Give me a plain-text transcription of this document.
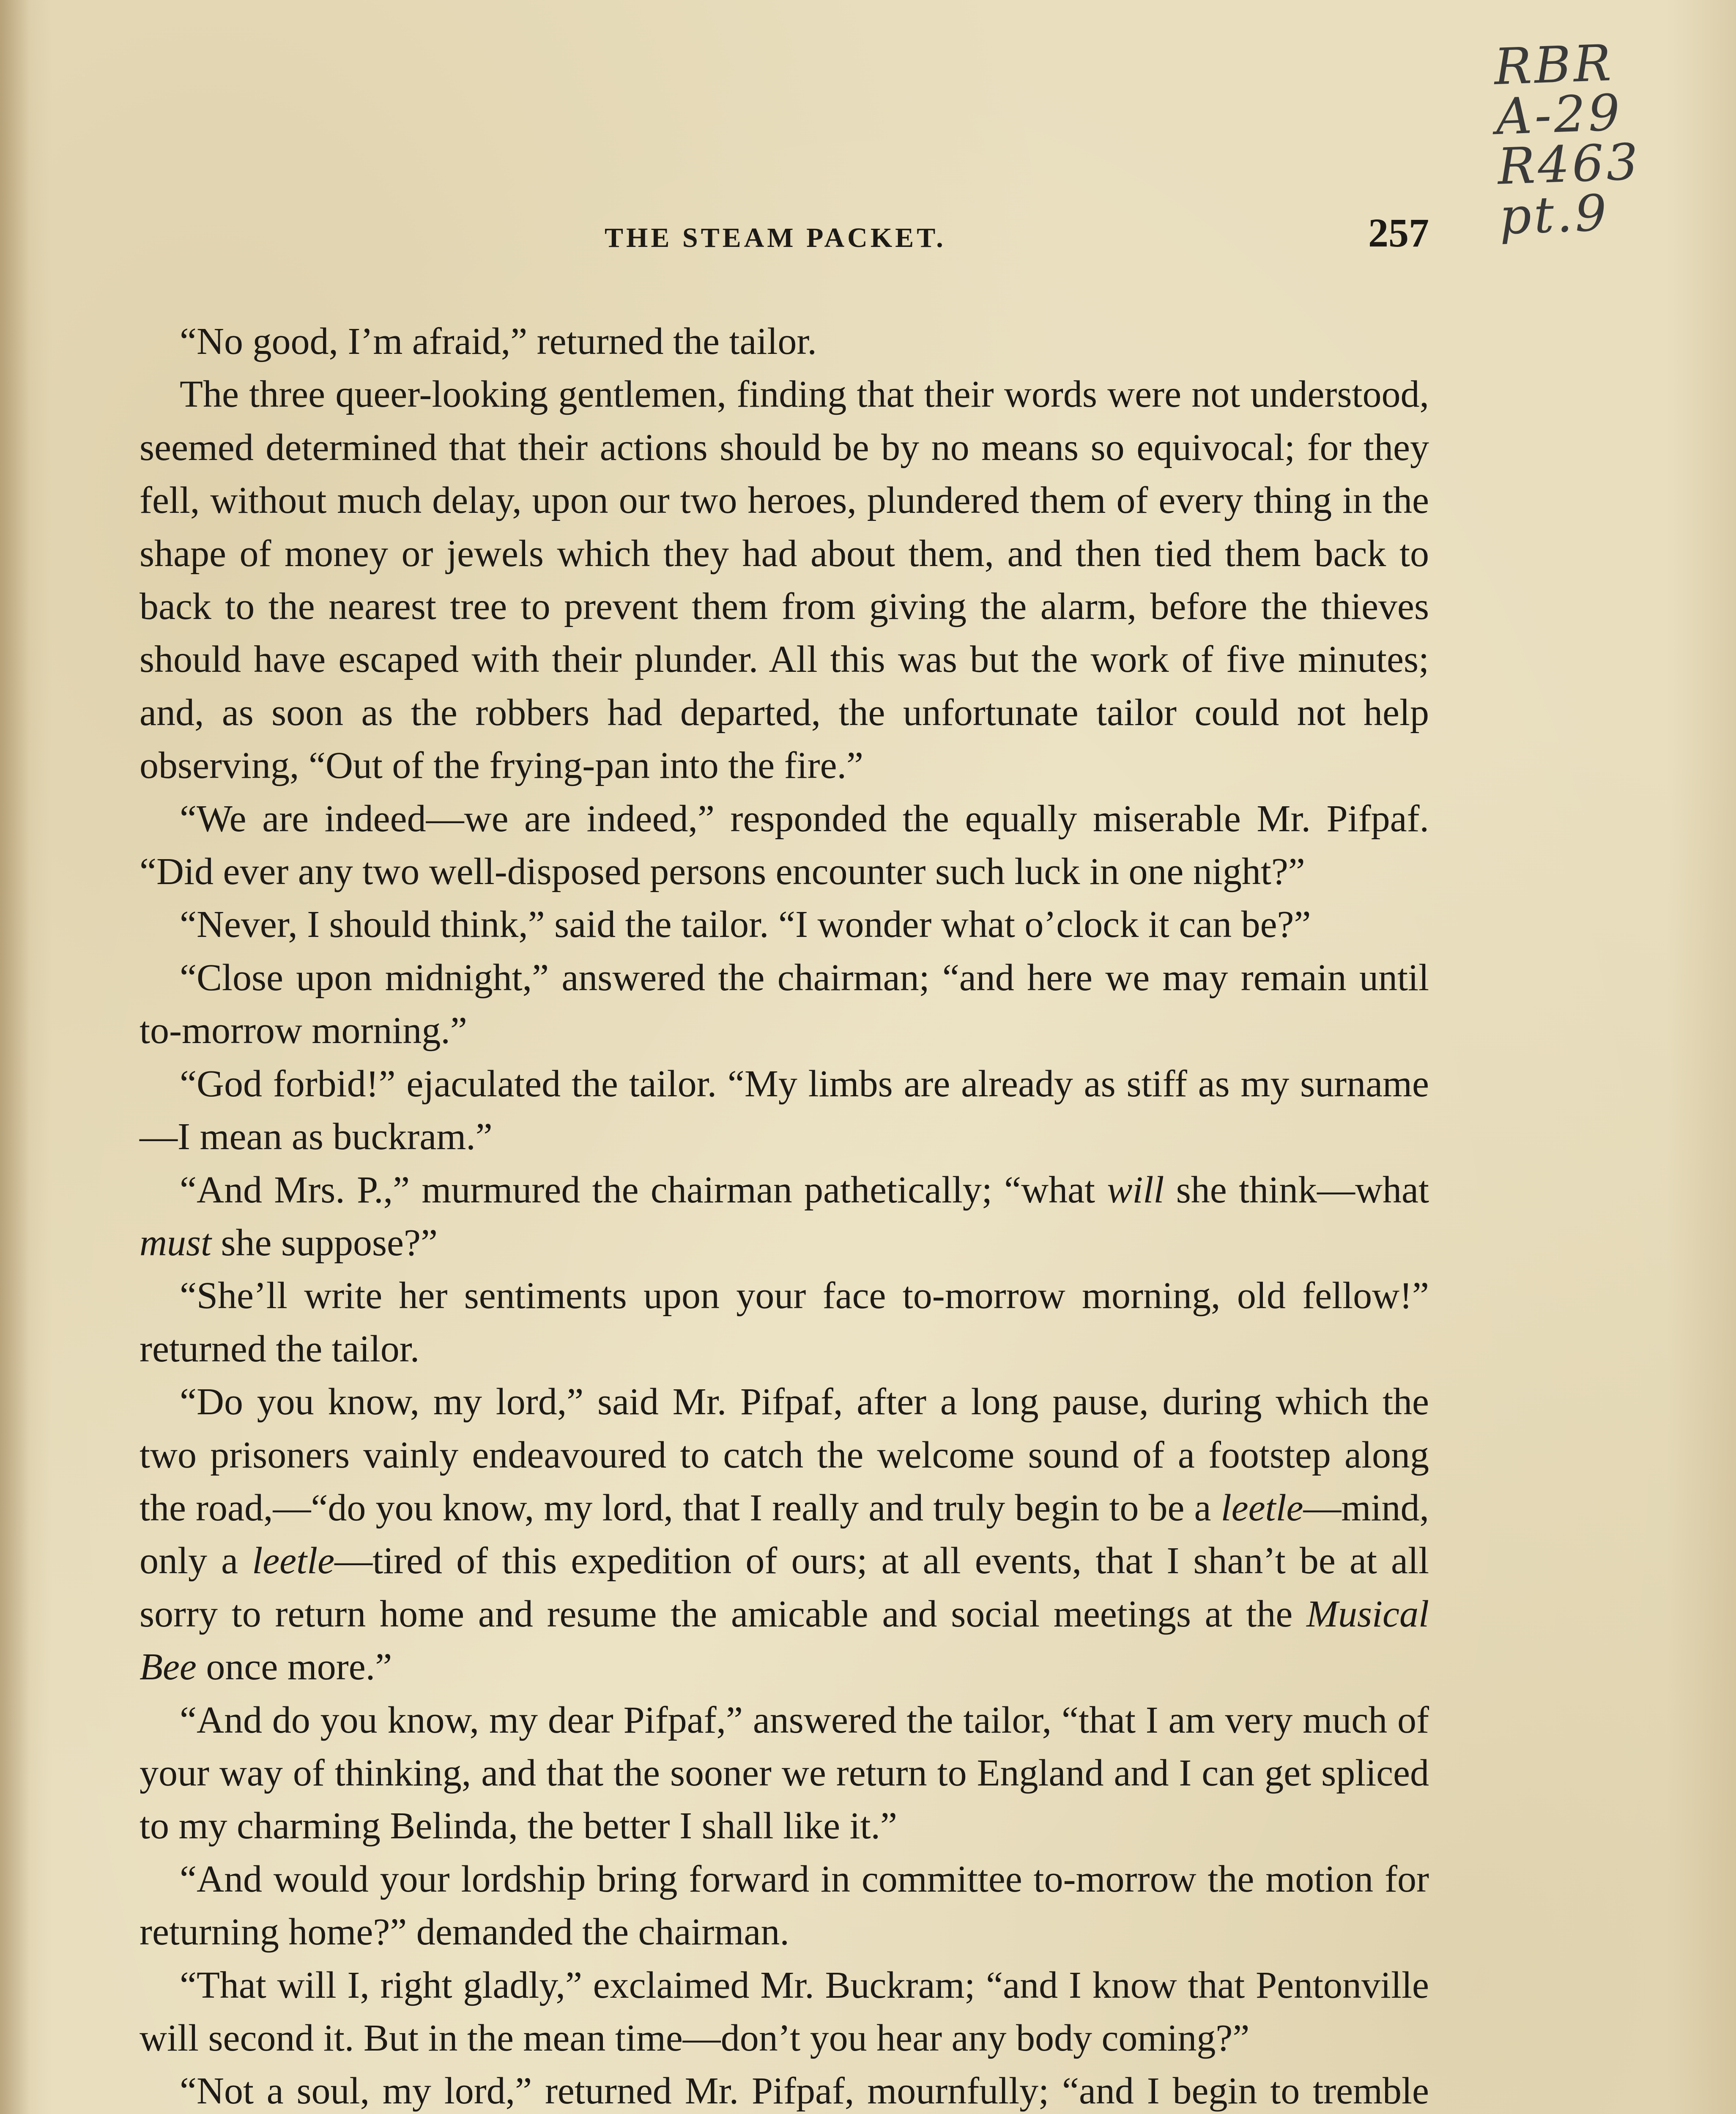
RBR
A-29
R463
pt.9
THE STEAM PACKET.	257

“No good, I’m afraid,” returned the tailor.

The three queer-looking gentlemen, finding that their words were not understood, seemed determined that their actions should be by no means so equivocal; for they fell, without much delay, upon our two heroes, plundered them of every thing in the shape of money or jewels which they had about them, and then tied them back to back to the nearest tree to prevent them from giving the alarm, before the thieves should have escaped with their plunder. All this was but the work of five minutes; and, as soon as the robbers had departed, the unfortunate tailor could not help observing, “Out of the frying-pan into the fire.”

“We are indeed—we are indeed,” responded the equally miserable Mr. Pifpaf. “Did ever any two well-disposed persons encounter such luck in one night?”

“Never, I should think,” said the tailor. “I wonder what o’clock it can be?”

“Close upon midnight,” answered the chairman; “and here we may remain until to-morrow morning.”

“God forbid!” ejaculated the tailor. “My limbs are already as stiff as my surname—I mean as buckram.”

“And Mrs. P.,” murmured the chairman pathetically; “what will she think—what must she suppose?”

“She’ll write her sentiments upon your face to-morrow morning, old fellow!” returned the tailor.

“Do you know, my lord,” said Mr. Pifpaf, after a long pause, during which the two prisoners vainly endeavoured to catch the welcome sound of a footstep along the road,—“do you know, my lord, that I really and truly begin to be a leetle—mind, only a leetle—tired of this expedition of ours; at all events, that I shan’t be at all sorry to return home and resume the amicable and social meetings at the Musical Bee once more.”

“And do you know, my dear Pifpaf,” answered the tailor, “that I am very much of your way of thinking, and that the sooner we return to England and I can get spliced to my charming Belinda, the better I shall like it.”

“And would your lordship bring forward in committee to-morrow the motion for returning home?” demanded the chairman.

“That will I, right gladly,” exclaimed Mr. Buckram; “and I know that Pentonville will second it. But in the mean time—don’t you hear any body coming?”

“Not a soul, my lord,” returned Mr. Pifpaf, mournfully; “and I begin to tremble
